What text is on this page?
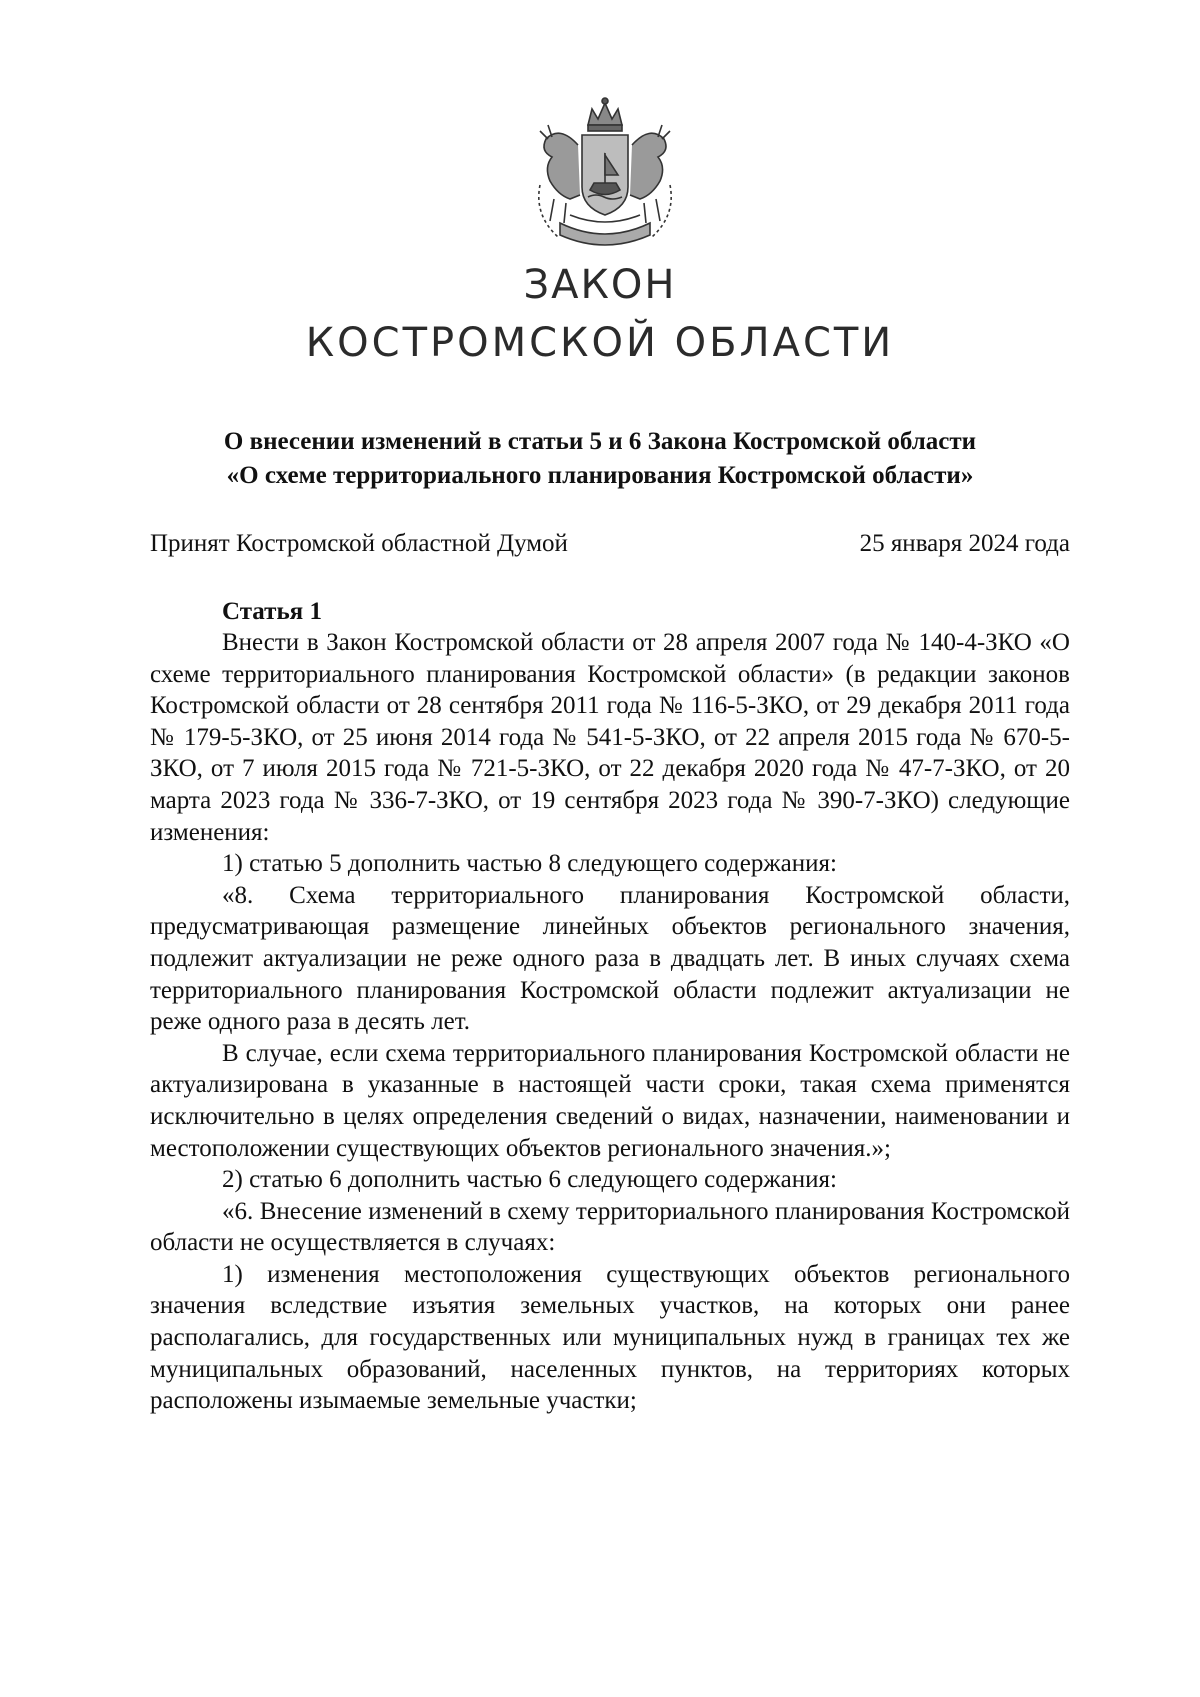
ЗАКОН
КОСТРОМСКОЙ ОБЛАСТИ
О внесении изменений в статьи 5 и 6 Закона Костромской области
«О схеме территориального планирования Костромской области»
Принят Костромской областной Думой	25 января 2024 года
Статья 1

Внести в Закон Костромской области от 28 апреля 2007 года № 140-4-ЗКО «О схеме территориального планирования Костромской области» (в редакции законов Костромской области от 28 сентября 2011 года № 116-5-ЗКО, от 29 декабря 2011 года № 179-5-ЗКО, от 25 июня 2014 года № 541-5-ЗКО, от 22 апреля 2015 года № 670-5-ЗКО, от 7 июля 2015 года № 721-5-ЗКО, от 22 декабря 2020 года № 47-7-ЗКО, от 20 марта 2023 года № 336-7-ЗКО, от 19 сентября 2023 года № 390-7-ЗКО) следующие изменения:

1) статью 5 дополнить частью 8 следующего содержания:

«8. Схема территориального планирования Костромской области, предусматривающая размещение линейных объектов регионального значения, подлежит актуализации не реже одного раза в двадцать лет. В иных случаях схема территориального планирования Костромской области подлежит актуализации не реже одного раза в десять лет.

В случае, если схема территориального планирования Костромской области не актуализирована в указанные в настоящей части сроки, такая схема применятся исключительно в целях определения сведений о видах, назначении, наименовании и местоположении существующих объектов регионального значения.»;

2) статью 6 дополнить частью 6 следующего содержания:

«6. Внесение изменений в схему территориального планирования Костромской области не осуществляется в случаях:

1) изменения местоположения существующих объектов регионального значения вследствие изъятия земельных участков, на которых они ранее располагались, для государственных или муниципальных нужд в границах тех же муниципальных образований, населенных пунктов, на территориях которых расположены изымаемые земельные участки;
